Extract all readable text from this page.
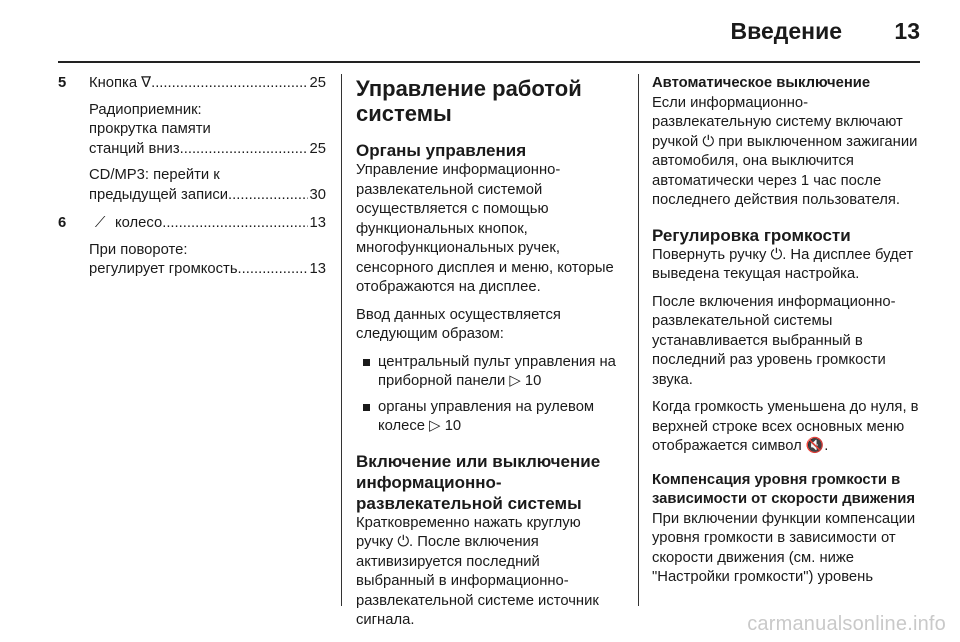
Введение 13
5 Кнопка ∇ .....	25
Радиоприемник:
прокрутка памяти
станций вниз .....	25
CD/MP3: перейти к
предыдущей записи .....	30
6	⟋ колесо .....	13
При повороте:
регулирует громкость .....	13
Управление работой системы
Органы управления

Управление информационно-развлекательной системой осуществляется с помощью функциональных кнопок, многофункциональных ручек, сенсорного дисплея и меню, которые отображаются на дисплее.

Ввод данных осуществляется следующим образом:

центральный пульт управления на приборной панели ▷ 10
органы управления на рулевом колесе ▷ 10
Включение или выключение информационно-развлекательной системы

Кратковременно нажать круглую ручку ⏻. После включения активизируется последний выбранный в информационно-развлекательной системе источник сигнала.

Автоматическое выключение

Если информационно-развлекательную систему включают ручкой ⏻ при выключенном зажигании автомобиля, она выключится автоматически через 1 час после последнего действия пользователя.

Регулировка громкости

Повернуть ручку ⏻. На дисплее будет выведена текущая настройка.

После включения информационно-развлекательной системы устанавливается выбранный в последний раз уровень громкости звука.

Когда громкость уменьшена до нуля, в верхней строке всех основных меню отображается символ 🔇.

Компенсация уровня громкости в зависимости от скорости движения

При включении функции компенсации уровня громкости в зависимости от скорости движения (см. ниже "Настройки громкости") уровень

carmanualsonline.info
